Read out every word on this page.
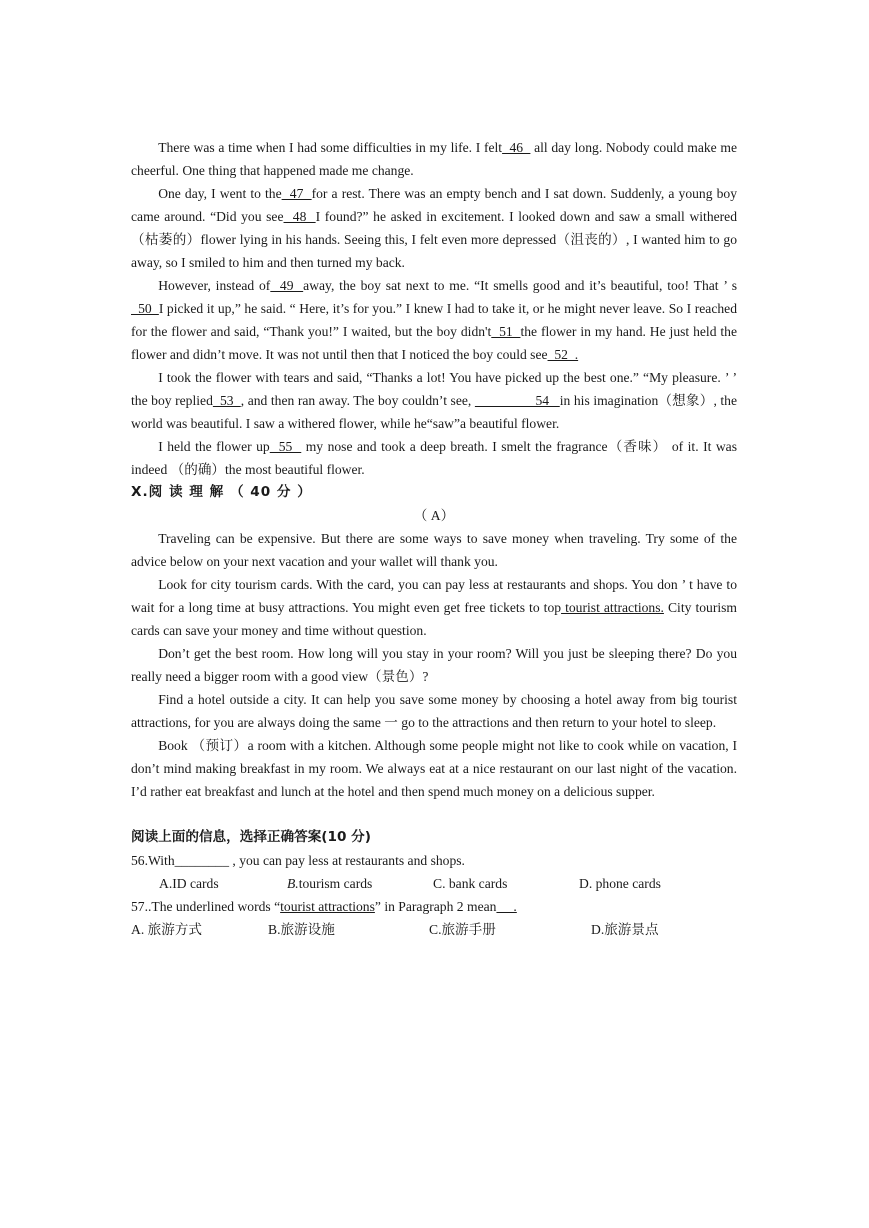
There was a time when I had some difficulties in my life. I felt  46   all day long. Nobody could make me cheerful. One thing that happened made me change.

One day, I went to the  47  for a rest. There was an empty bench and I sat down. Suddenly, a young boy came around. “Did you see  48  I found?” he asked in excitement. I looked down and saw a small withered（枯萎的）flower lying in his hands. Seeing this, I felt even more depressed（沮丧的）, I wanted him to go away, so I smiled to him and then turned my back.

However, instead of  49  away, the boy sat next to me. “It smells good and it’s beautiful, too! That ’ s  50  I picked it up,” he said. “ Here, it’s for you.” I knew I had to take it, or he might never leave. So I reached for the flower and said, “Thank you!” I waited, but the boy didn't  51  the flower in my hand. He just held the flower and didn’t move. It was not until then that I noticed the boy could see  52  .

I took the flower with tears and said, “Thanks a lot! You have picked up the best one.” “My pleasure. ’ ’ the boy replied  53  , and then ran away. The boy couldn’t see,                  54   in his imagination（想象）, the world was beautiful. I saw a withered flower, while he“saw”a beautiful flower.

I held the flower up  55   my nose and took a deep breath. I smelt the fragrance（香味） of it. It was indeed （的确）the most beautiful flower.

X.阅 读 理 解 （ 40 分 ）

（ A）

Traveling can be expensive. But there are some ways to save money when traveling. Try some of the advice below on your next vacation and your wallet will thank you.

Look for city tourism cards. With the card, you can pay less at restaurants and shops. You don ’ t have to wait for a long time at busy attractions. You might even get free tickets to top tourist attractions. City tourism cards can save your money and time without question.

Don’t get the best room. How long will you stay in your room? Will you just be sleeping there? Do you really need a bigger room with a good view（景色）?

Find a hotel outside a city. It can help you save some money by choosing a hotel away from big tourist attractions, for you are always doing the same 一 go to the attractions and then return to your hotel to sleep.

Book （预订）a room with a kitchen. Although some people might not like to cook while on vacation, I don’t mind making breakfast in my room. We always eat at a nice restaurant on our last night of the vacation. I’d rather eat breakfast and lunch at the hotel and then spend much money on a delicious supper.

阅读上面的信息，选择正确答案(10 分)

56.With________ , you can pay less at restaurants and shops.

A.ID cards	B.tourism cards	C. bank cards	D. phone cards

57..The underlined words “tourist attractions” in Paragraph 2 mean     .

A. 旅游方式	B.旅游设施	C.旅游手册	D.旅游景点
